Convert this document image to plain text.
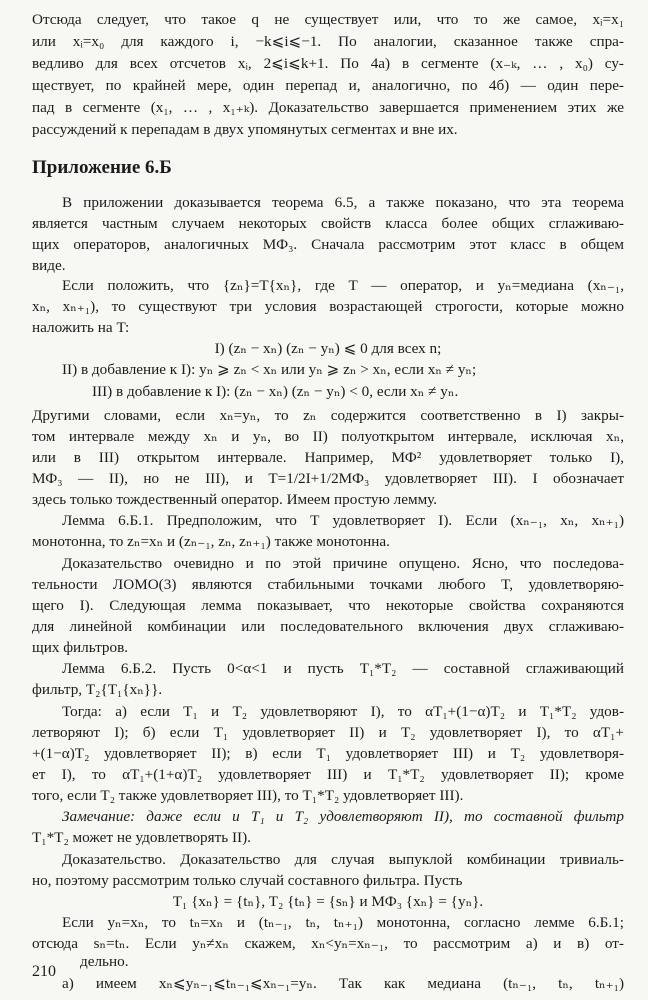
Отсюда следует, что такое q не существует или, что то же самое, xᵢ=x₁
или xᵢ=x₀ для каждого i, −k⩽i⩽−1. По аналогии, сказанное также спра-
ведливо для всех отсчетов xᵢ, 2⩽i⩽k+1. По 4а) в сегменте (x₋ₖ, … , x₀) су-
ществует, по крайней мере, один перепад и, аналогично, по 4б) — один пере-
пад в сегменте (x₁, … , x₁₊ₖ). Доказательство завершается применением этих же
рассуждений к перепадам в двух упомянутых сегментах и вне их.
Приложение 6.Б
В приложении доказывается теорема 6.5, а также показано, что эта теорема
является частным случаем некоторых свойств класса более общих сглаживаю-
щих операторов, аналогичных МФ₃. Сначала рассмотрим этот класс в общем
виде.
Если положить, что {zₙ}=T{xₙ}, где T — оператор, и yₙ=медиана (xₙ₋₁,
xₙ, xₙ₊₁), то существуют три условия возрастающей строгости, которые можно
наложить на T:
I) (zₙ − xₙ) (zₙ − yₙ) ⩽ 0 для всех n;
II) в добавление к I): yₙ ⩾ zₙ < xₙ или yₙ ⩾ zₙ > xₙ, если xₙ ≠ yₙ;
III) в добавление к I): (zₙ − xₙ) (zₙ − yₙ) < 0, если xₙ ≠ yₙ.
Другими словами, если xₙ=yₙ, то zₙ содержится соответственно в I) закры-
том интервале между xₙ и yₙ, во II) полуоткрытом интервале, исключая xₙ,
или в III) открытом интервале. Например, МФ² удовлетворяет только I),
МФ₃ — II), но не III), и T=1/2I+1/2МФ₃ удовлетворяет III). I обозначает
здесь только тождественный оператор. Имеем простую лемму.
Лемма 6.Б.1. Предположим, что T удовлетворяет I). Если (xₙ₋₁, xₙ, xₙ₊₁)
монотонна, то zₙ=xₙ и (zₙ₋₁, zₙ, zₙ₊₁) также монотонна.
Доказательство очевидно и по этой причине опущено. Ясно, что последова-
тельности ЛОМО(3) являются стабильными точками любого T, удовлетворяю-
щего I). Следующая лемма показывает, что некоторые свойства сохраняются
для линейной комбинации или последовательного включения двух сглаживаю-
щих фильтров.
Лемма 6.Б.2. Пусть 0<α<1 и пусть T₁*T₂ — составной сглаживающий
фильтр, T₂{T₁{xₙ}}.
Тогда: а) если T₁ и T₂ удовлетворяют I), то αT₁+(1−α)T₂ и T₁*T₂ удов-
летворяют I); б) если T₁ удовлетворяет II) и T₂ удовлетворяет I), то αT₁+
+(1−α)T₂ удовлетворяет II); в) если T₁ удовлетворяет III) и T₂ удовлетворя-
ет I), то αT₁+(1+α)T₂ удовлетворяет III) и T₁*T₂ удовлетворяет II); кроме
того, если T₂ также удовлетворяет III), то T₁*T₂ удовлетворяет III).
Замечание: даже если и T₁ и T₂ удовлетворяют II), то составной фильтр
T₁*T₂ может не удовлетворять II).
Доказательство. Доказательство для случая выпуклой комбинации тривиаль-
но, поэтому рассмотрим только случай составного фильтра. Пусть
T₁ {xₙ} = {tₙ}, T₂ {tₙ} = {sₙ} и МФ₃ {xₙ} = {yₙ}.
Если yₙ=xₙ, то tₙ=xₙ и (tₙ₋₁, tₙ, tₙ₊₁) монотонна, согласно лемме 6.Б.1;
отсюда sₙ=tₙ. Если yₙ≠xₙ скажем, xₙ<yₙ=xₙ₋₁, то рассмотрим а) и в) от-
дельно.
а) имеем xₙ⩽yₙ₋₁⩽tₙ₋₁⩽xₙ₋₁=yₙ. Так как медиана (tₙ₋₁, tₙ, tₙ₊₁)
210
